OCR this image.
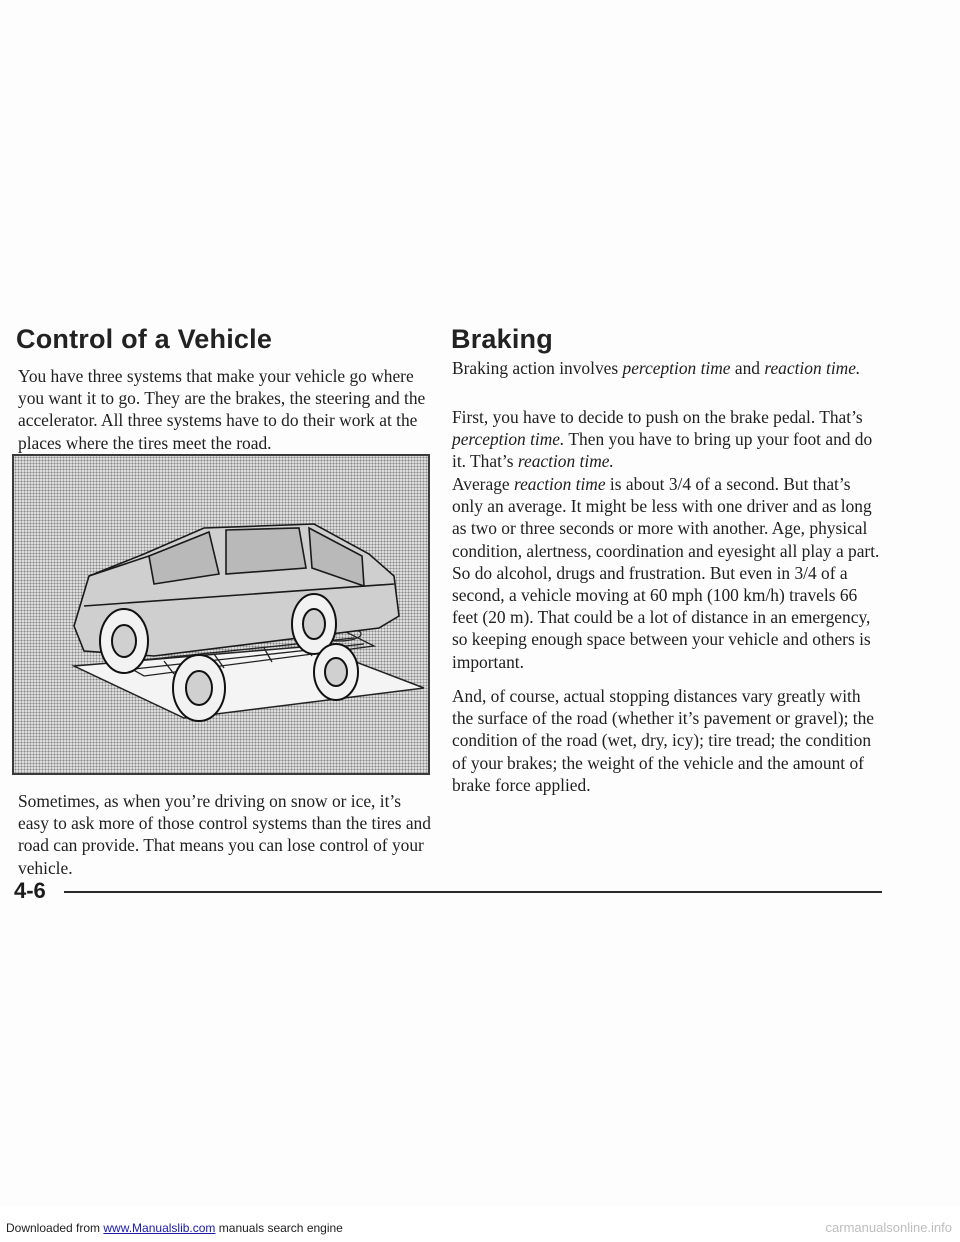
Control of a Vehicle

You have three systems that make your vehicle go where you want it to go. They are the brakes, the steering and the accelerator. All three systems have to do their work at the places where the tires meet the road.

Sometimes, as when you’re driving on snow or ice, it’s easy to ask more of those control systems than the tires and road can provide. That means you can lose control of your vehicle.

Braking

Braking action involves perception time and reaction time.

First, you have to decide to push on the brake pedal. That’s perception time. Then you have to bring up your foot and do it. That’s reaction time.

Average reaction time is about 3/4 of a second. But that’s only an average. It might be less with one driver and as long as two or three seconds or more with another. Age, physical condition, alertness, coordination and eyesight all play a part. So do alcohol, drugs and frustration. But even in 3/4 of a second, a vehicle moving at 60 mph (100 km/h) travels 66 feet (20 m). That could be a lot of distance in an emergency, so keeping enough space between your vehicle and others is important.

And, of course, actual stopping distances vary greatly with the surface of the road (whether it’s pavement or gravel); the condition of the road (wet, dry, icy); tire tread; the condition of your brakes; the weight of the vehicle and the amount of brake force applied.

4-6
Downloaded from www.Manualslib.com manuals search engine	carmanualsonline.info
